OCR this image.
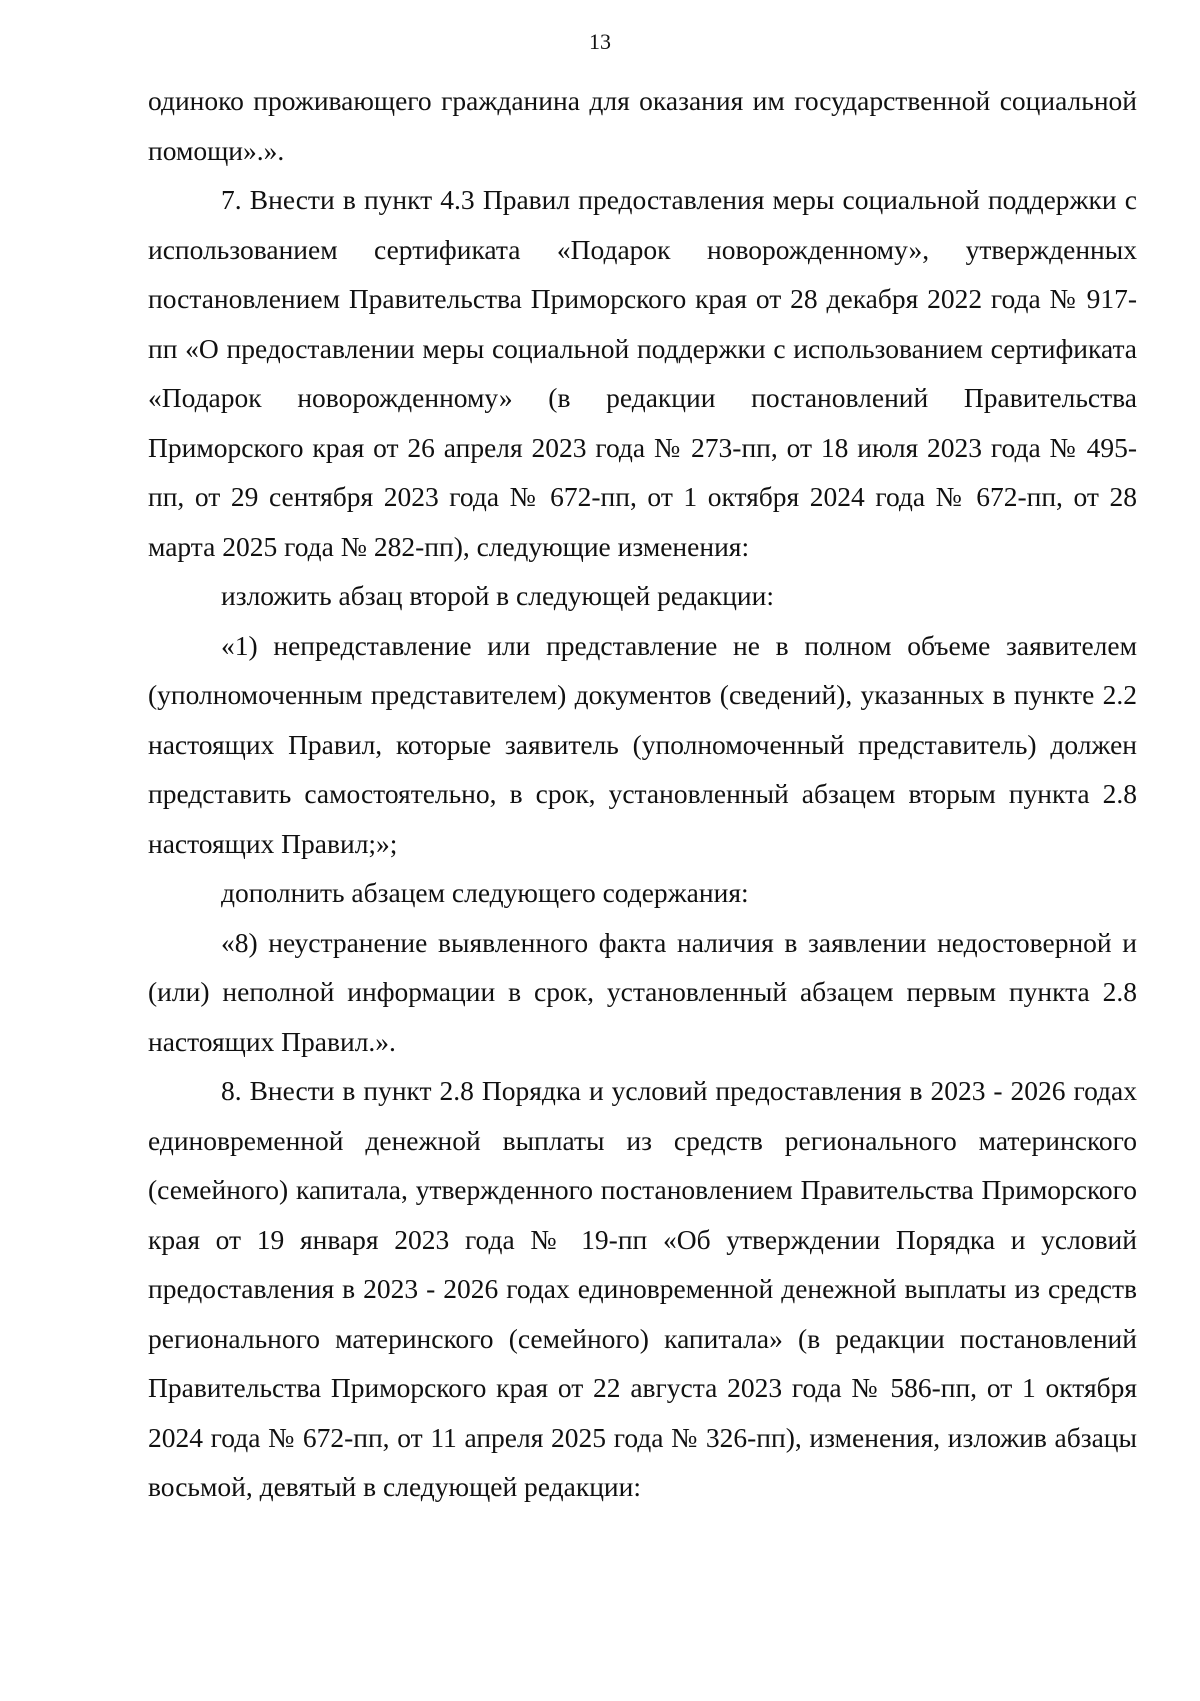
13

одиноко проживающего гражданина для оказания им государственной социальной помощи».».

7. Внести в пункт 4.3 Правил предоставления меры социальной поддержки с использованием сертификата «Подарок новорожденному», утвержденных постановлением Правительства Приморского края от 28 декабря 2022 года № 917-пп «О предоставлении меры социальной поддержки с использованием сертификата «Подарок новорожденному» (в редакции постановлений Правительства Приморского края от 26 апреля 2023 года № 273-пп, от 18 июля 2023 года № 495-пп, от 29 сентября 2023 года № 672-пп, от 1 октября 2024 года № 672-пп, от 28 марта 2025 года № 282-пп), следующие изменения:

изложить абзац второй в следующей редакции:

«1) непредставление или представление не в полном объеме заявителем (уполномоченным представителем) документов (сведений), указанных в пункте 2.2 настоящих Правил, которые заявитель (уполномоченный представитель) должен представить самостоятельно, в срок, установленный абзацем вторым пункта 2.8 настоящих Правил;»;

дополнить абзацем следующего содержания:

«8) неустранение выявленного факта наличия в заявлении недостоверной и (или) неполной информации в срок, установленный абзацем первым пункта 2.8 настоящих Правил.».

8. Внести в пункт 2.8 Порядка и условий предоставления в 2023 - 2026 годах единовременной денежной выплаты из средств регионального материнского (семейного) капитала, утвержденного постановлением Правительства Приморского края от 19 января 2023 года № 19-пп «Об утверждении Порядка и условий предоставления в 2023 - 2026 годах единовременной денежной выплаты из средств регионального материнского (семейного) капитала» (в редакции постановлений Правительства Приморского края от 22 августа 2023 года № 586-пп, от 1 октября 2024 года № 672-пп, от 11 апреля 2025 года № 326-пп), изменения, изложив абзацы восьмой, девятый в следующей редакции:
